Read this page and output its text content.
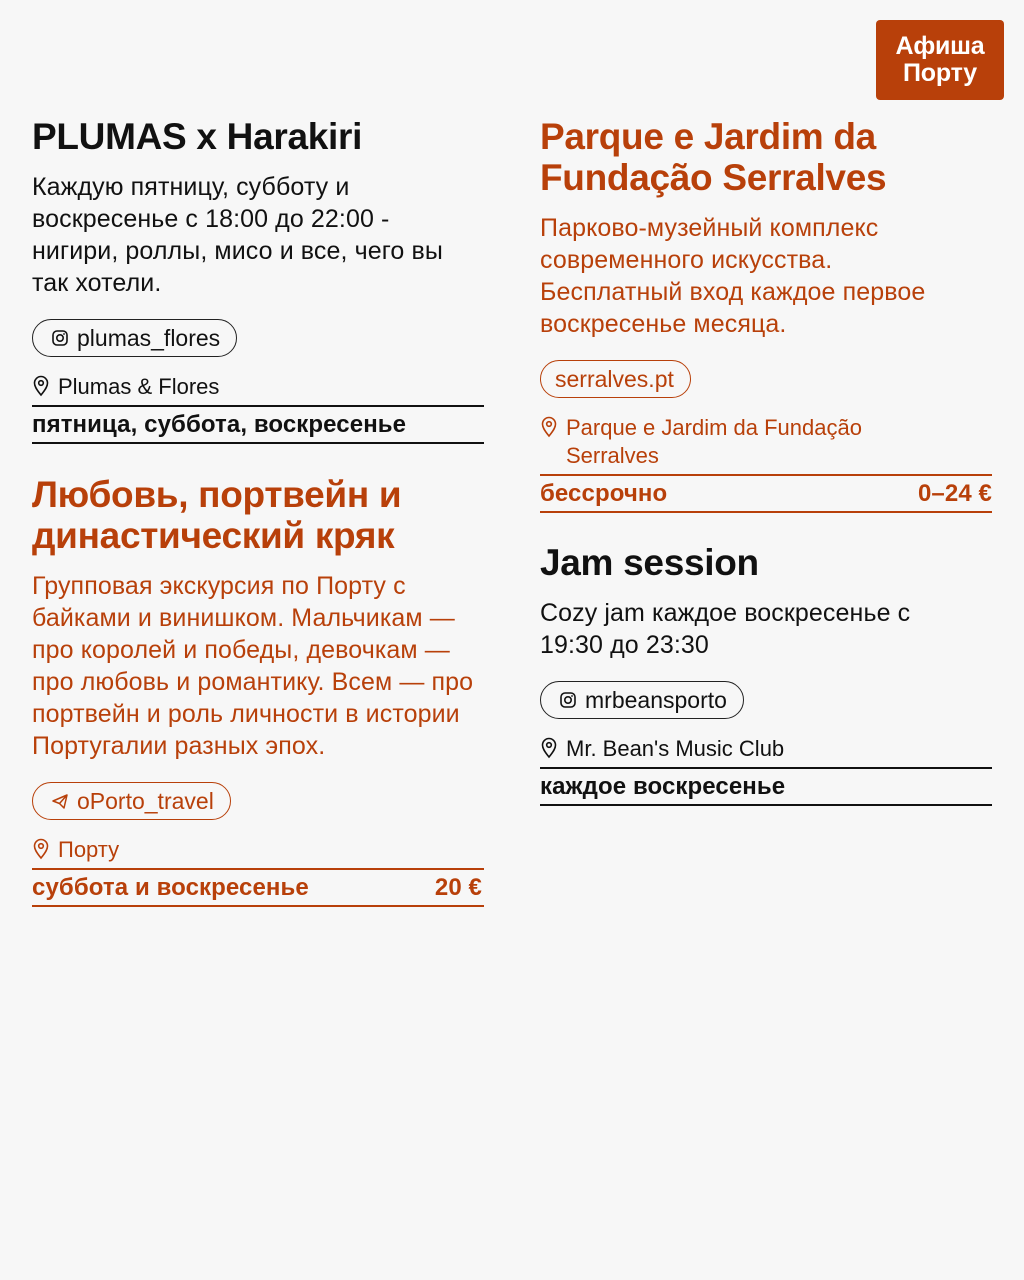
Афиша
Порту
PLUMAS x Harakiri

Каждую пятницу, субботу и воскресенье с 18:00 до 22:00 - нигири, роллы, мисо и все, чего вы так хотели.

plumas_flores
Plumas & Flores
пятница, суббота, воскресенье
Любовь, портвейн и династический кряк

Групповая экскурсия по Порту с байками и винишком. Мальчикам — про королей и победы, девочкам — про любовь и романтику. Всем — про портвейн и роль личности в истории Португалии разных эпох.

oPorto_travel
Порту
суббота и воскресенье	20 €
Parque e Jardim da Fundação Serralves

Парково-музейный комплекс современного искусства. Бесплатный вход каждое первое воскресенье месяца.

serralves.pt
Parque e Jardim da Fundação Serralves
бессрочно	0–24 €
Jam session

Cozy jam каждое воскресенье с 19:30 до 23:30

mrbeansporto
Mr. Bean's Music Club
каждое воскресенье
